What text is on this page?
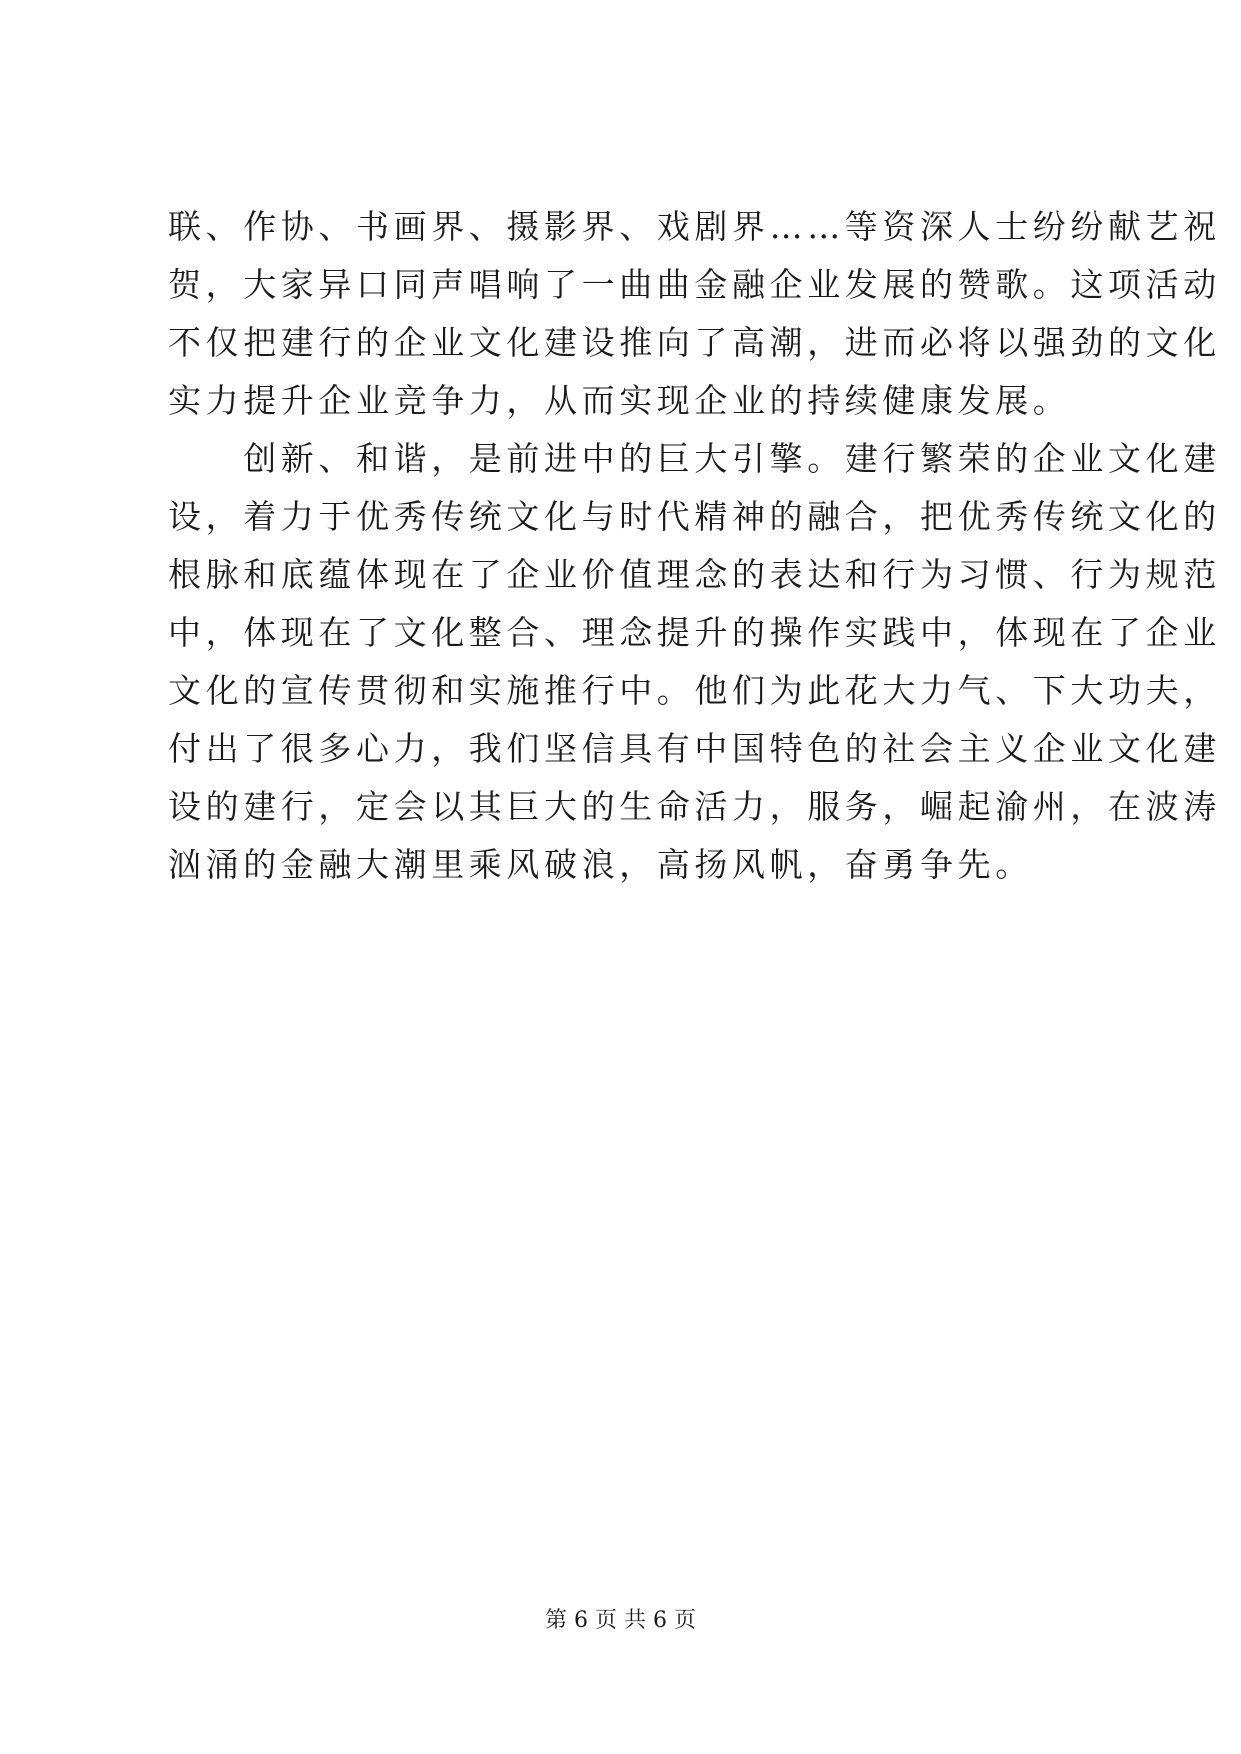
联、作协、书画界、摄影界、戏剧界……等资深人士纷纷献艺祝
贺，大家异口同声唱响了一曲曲金融企业发展的赞歌。这项活动
不仅把建行的企业文化建设推向了高潮，进而必将以强劲的文化
实力提升企业竞争力，从而实现企业的持续健康发展。
　　创新、和谐，是前进中的巨大引擎。建行繁荣的企业文化建
设，着力于优秀传统文化与时代精神的融合，把优秀传统文化的
根脉和底蕴体现在了企业价值理念的表达和行为习惯、行为规范
中，体现在了文化整合、理念提升的操作实践中，体现在了企业
文化的宣传贯彻和实施推行中。他们为此花大力气、下大功夫，
付出了很多心力，我们坚信具有中国特色的社会主义企业文化建
设的建行，定会以其巨大的生命活力，服务，崛起渝州，在波涛
汹涌的金融大潮里乘风破浪，高扬风帆，奋勇争先。
第 6 页 共 6 页
